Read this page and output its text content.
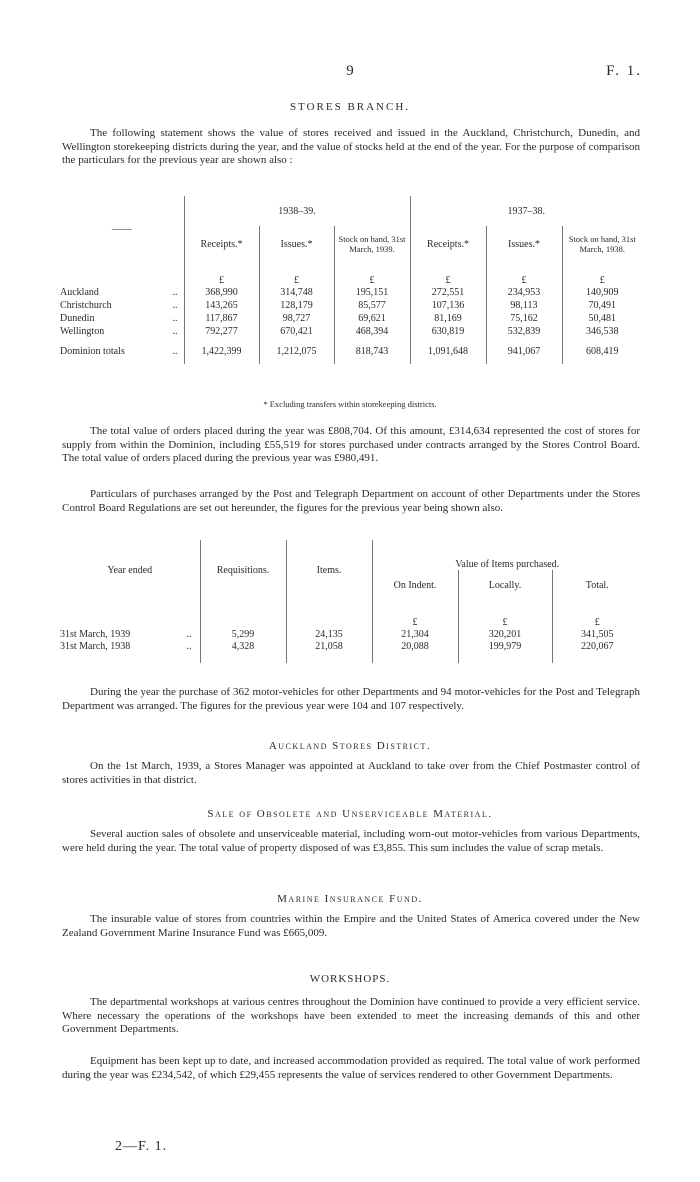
9	F. 1.
STORES BRANCH.

The following statement shows the value of stores received and issued in the Auckland, Christchurch, Dunedin, and Wellington storekeeping districts during the year, and the value of stocks held at the end of the year. For the purpose of comparison the particulars for the previous year are shown also :

——	1938–39.			1937–38.		
	Receipts.*	Issues.*	Stock on hand, 31st March, 1939.	Receipts.*	Issues.*	Stock on hand, 31st March, 1938.
	£	£	£	£	£	£
Auckland ..	368,990	314,748	195,151	272,551	234,953	140,909
Christchurch ..	143,265	128,179	85,577	107,136	98,113	70,491
Dunedin ..	117,867	98,727	69,621	81,169	75,162	50,481
Wellington ..	792,277	670,421	468,394	630,819	532,839	346,538
Dominion totals ..	1,422,399	1,212,075	818,743	1,091,648	941,067	608,419
* Excluding transfers within storekeeping districts.

The total value of orders placed during the year was £808,704. Of this amount, £314,634 represented the cost of stores for supply from within the Dominion, including £55,519 for stores purchased under contracts arranged by the Stores Control Board. The total value of orders placed during the previous year was £980,491.

Particulars of purchases arranged by the Post and Telegraph Department on account of other Departments under the Stores Control Board Regulations are set out hereunder, the figures for the previous year being shown also.

Year ended	Requisitions.	Items.	Value of Items purchased.		
			On Indent.	Locally.	Total.
			£	£	£
31st March, 1939 ..	5,299	24,135	21,304	320,201	341,505
31st March, 1938 ..	4,328	21,058	20,088	199,979	220,067

During the year the purchase of 362 motor-vehicles for other Departments and 94 motor-vehicles for the Post and Telegraph Department was arranged. The figures for the previous year were 104 and 107 respectively.

Auckland Stores District.

On the 1st March, 1939, a Stores Manager was appointed at Auckland to take over from the Chief Postmaster control of stores activities in that district.

Sale of Obsolete and Unserviceable Material.

Several auction sales of obsolete and unserviceable material, including worn-out motor-vehicles from various Departments, were held during the year. The total value of property disposed of was £3,855. This sum includes the value of scrap metals.

Marine Insurance Fund.

The insurable value of stores from countries within the Empire and the United States of America covered under the New Zealand Government Marine Insurance Fund was £665,009.

WORKSHOPS.

The departmental workshops at various centres throughout the Dominion have continued to provide a very efficient service. Where necessary the operations of the workshops have been extended to meet the increasing demands of this and other Government Departments.

Equipment has been kept up to date, and increased accommodation provided as required. The total value of work performed during the year was £234,542, of which £29,455 represents the value of services rendered to other Government Departments.

2—F. 1.
